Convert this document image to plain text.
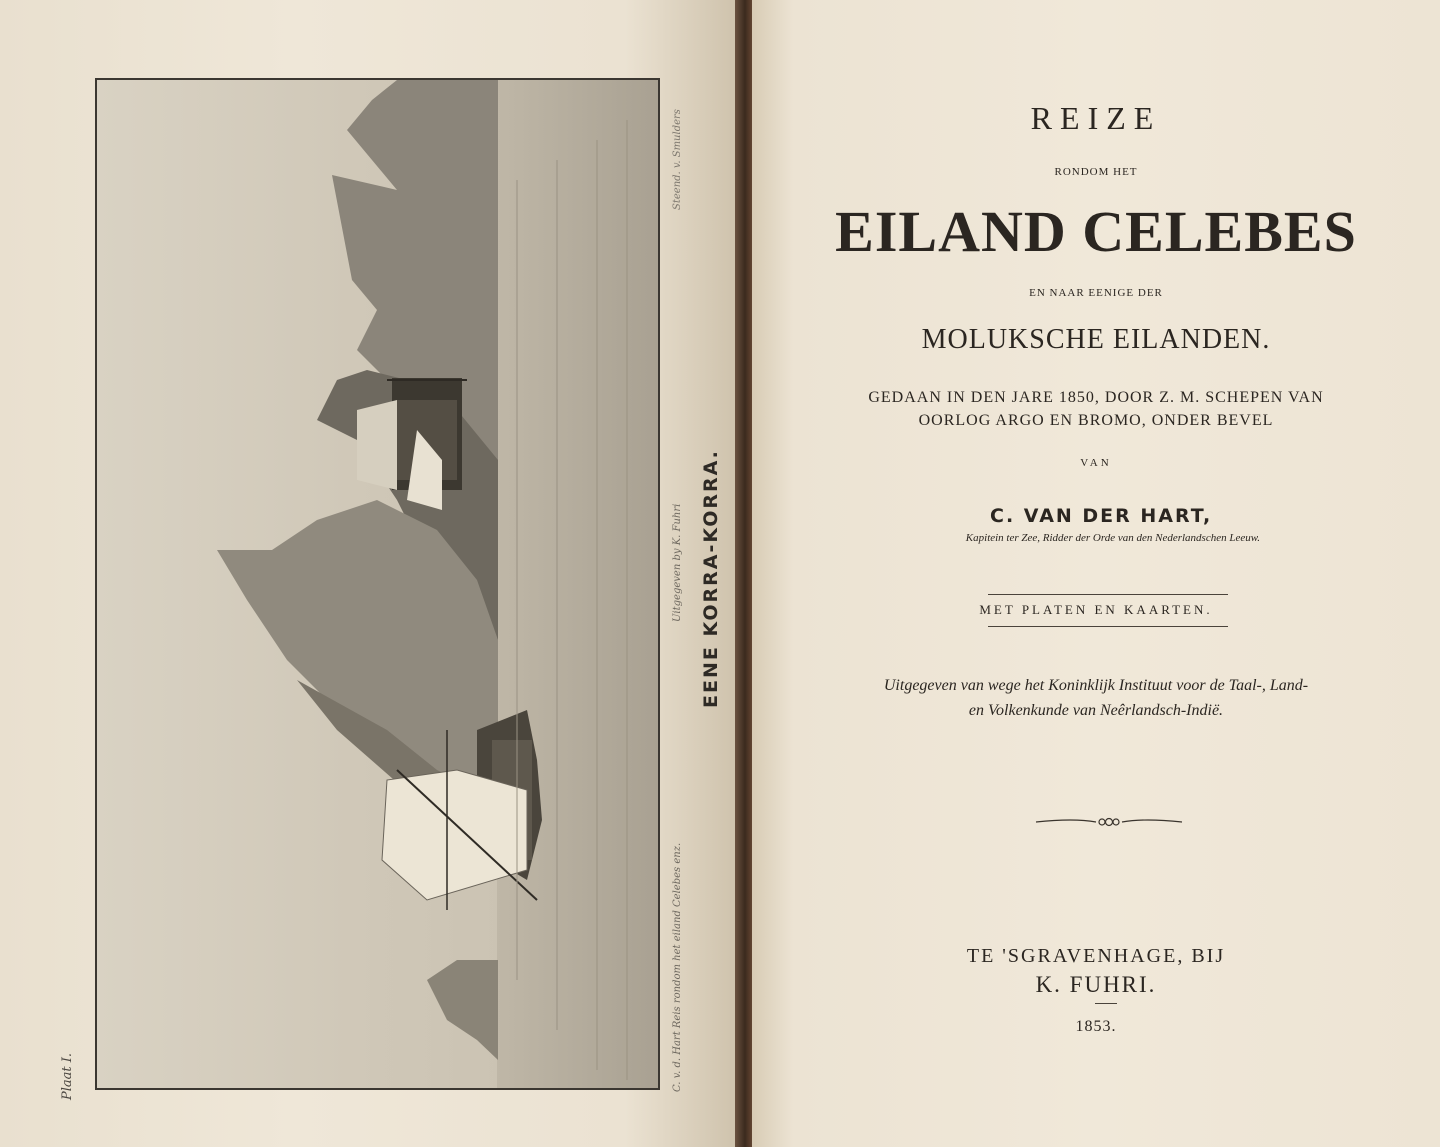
Plaat I.	C. v. d. Hart Reis rondom het eiland Celebes enz.
Uitgegeven by K. Fuhri
Steend. v. Smulders
EENE KORRA-KORRA.
REIZE
RONDOM HET
EILAND CELEBES
EN NAAR EENIGE DER
MOLUKSCHE EILANDEN.
GEDAAN IN DEN JARE 1850, DOOR Z. M. SCHEPEN VAN
OORLOG ARGO EN BROMO, ONDER BEVEL
VAN
C. VAN DER HART,
Kapitein ter Zee, Ridder der Orde van den Nederlandschen Leeuw.
MET PLATEN EN KAARTEN.
Uitgegeven van wege het Koninklijk Instituut voor de Taal-, Land-
en Volkenkunde van Neêrlandsch-Indië.
TE 'SGRAVENHAGE, BIJ
K. FUHRI.
1853.
